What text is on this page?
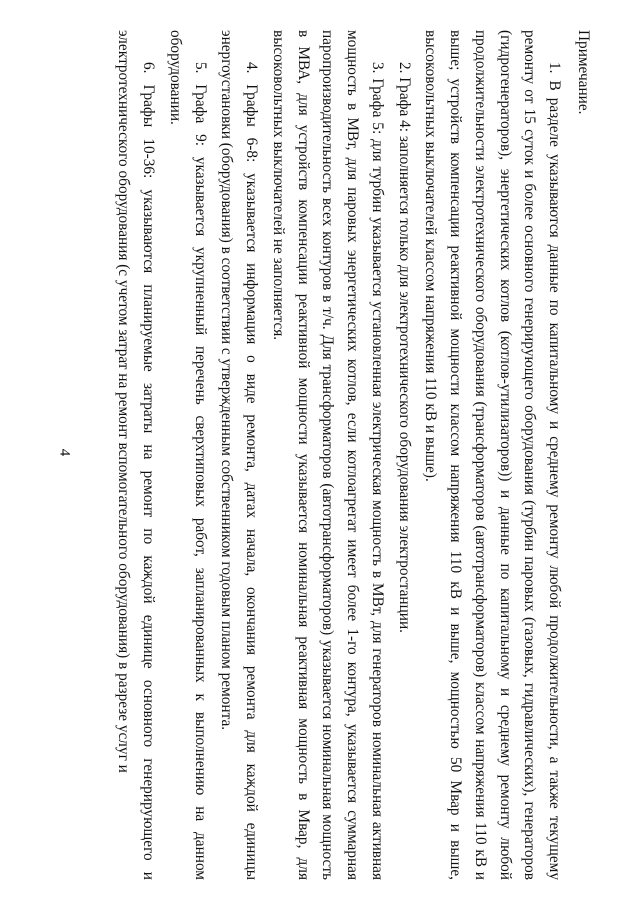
4

Примечание.

1. В разделе указываются данные по капитальному и среднему ремонту любой продолжительности, а также текущему ремонту от 15 суток и более основного генерирующего оборудования (турбин паровых (газовых, гидравлических), генераторов (гидрогенераторов), энергетических котлов (котлов-утилизаторов)) и данные по капитальному и среднему ремонту любой продолжительности электротехнического оборудования (трансформаторов (автотрансформаторов) классом напряжения 110 кВ и выше; устройств компенсации реактивной мощности классом напряжения 110 кВ и выше, мощностью 50 Мвар и выше, высоковольтных выключателей классом напряжения 110 кВ и выше).

2. Графа 4: заполняется только для электротехнического оборудования электростанции.

3. Графа 5: для турбин указывается установленная электрическая мощность в МВт, для генераторов номинальная активная мощность в МВт, для паровых энергетических котлов, если котлоагрегат имеет более 1-го контура, указывается суммарная паропроизводительность всех контуров в т/ч. Для трансформаторов (автотрансформаторов) указывается номинальная мощность в МВА, для устройств компенсации реактивной мощности указывается номинальная реактивная мощность в Мвар, для высоковольтных выключателей не заполняется.

4. Графы 6-8: указывается информация о виде ремонта, датах начала, окончания ремонта для каждой единицы энергоустановки (оборудования) в соответствии с утвержденным собственником годовым планом ремонта.

5. Графа 9: указывается укрупненный перечень сверхтиповых работ, запланированных к выполнению на данном оборудовании.

6. Графы 10-36: указываются планируемые затраты на ремонт по каждой единице основного генерирующего и электротехнического оборудования (с учетом затрат на ремонт вспомогательного оборудования) в разрезе услуг и
